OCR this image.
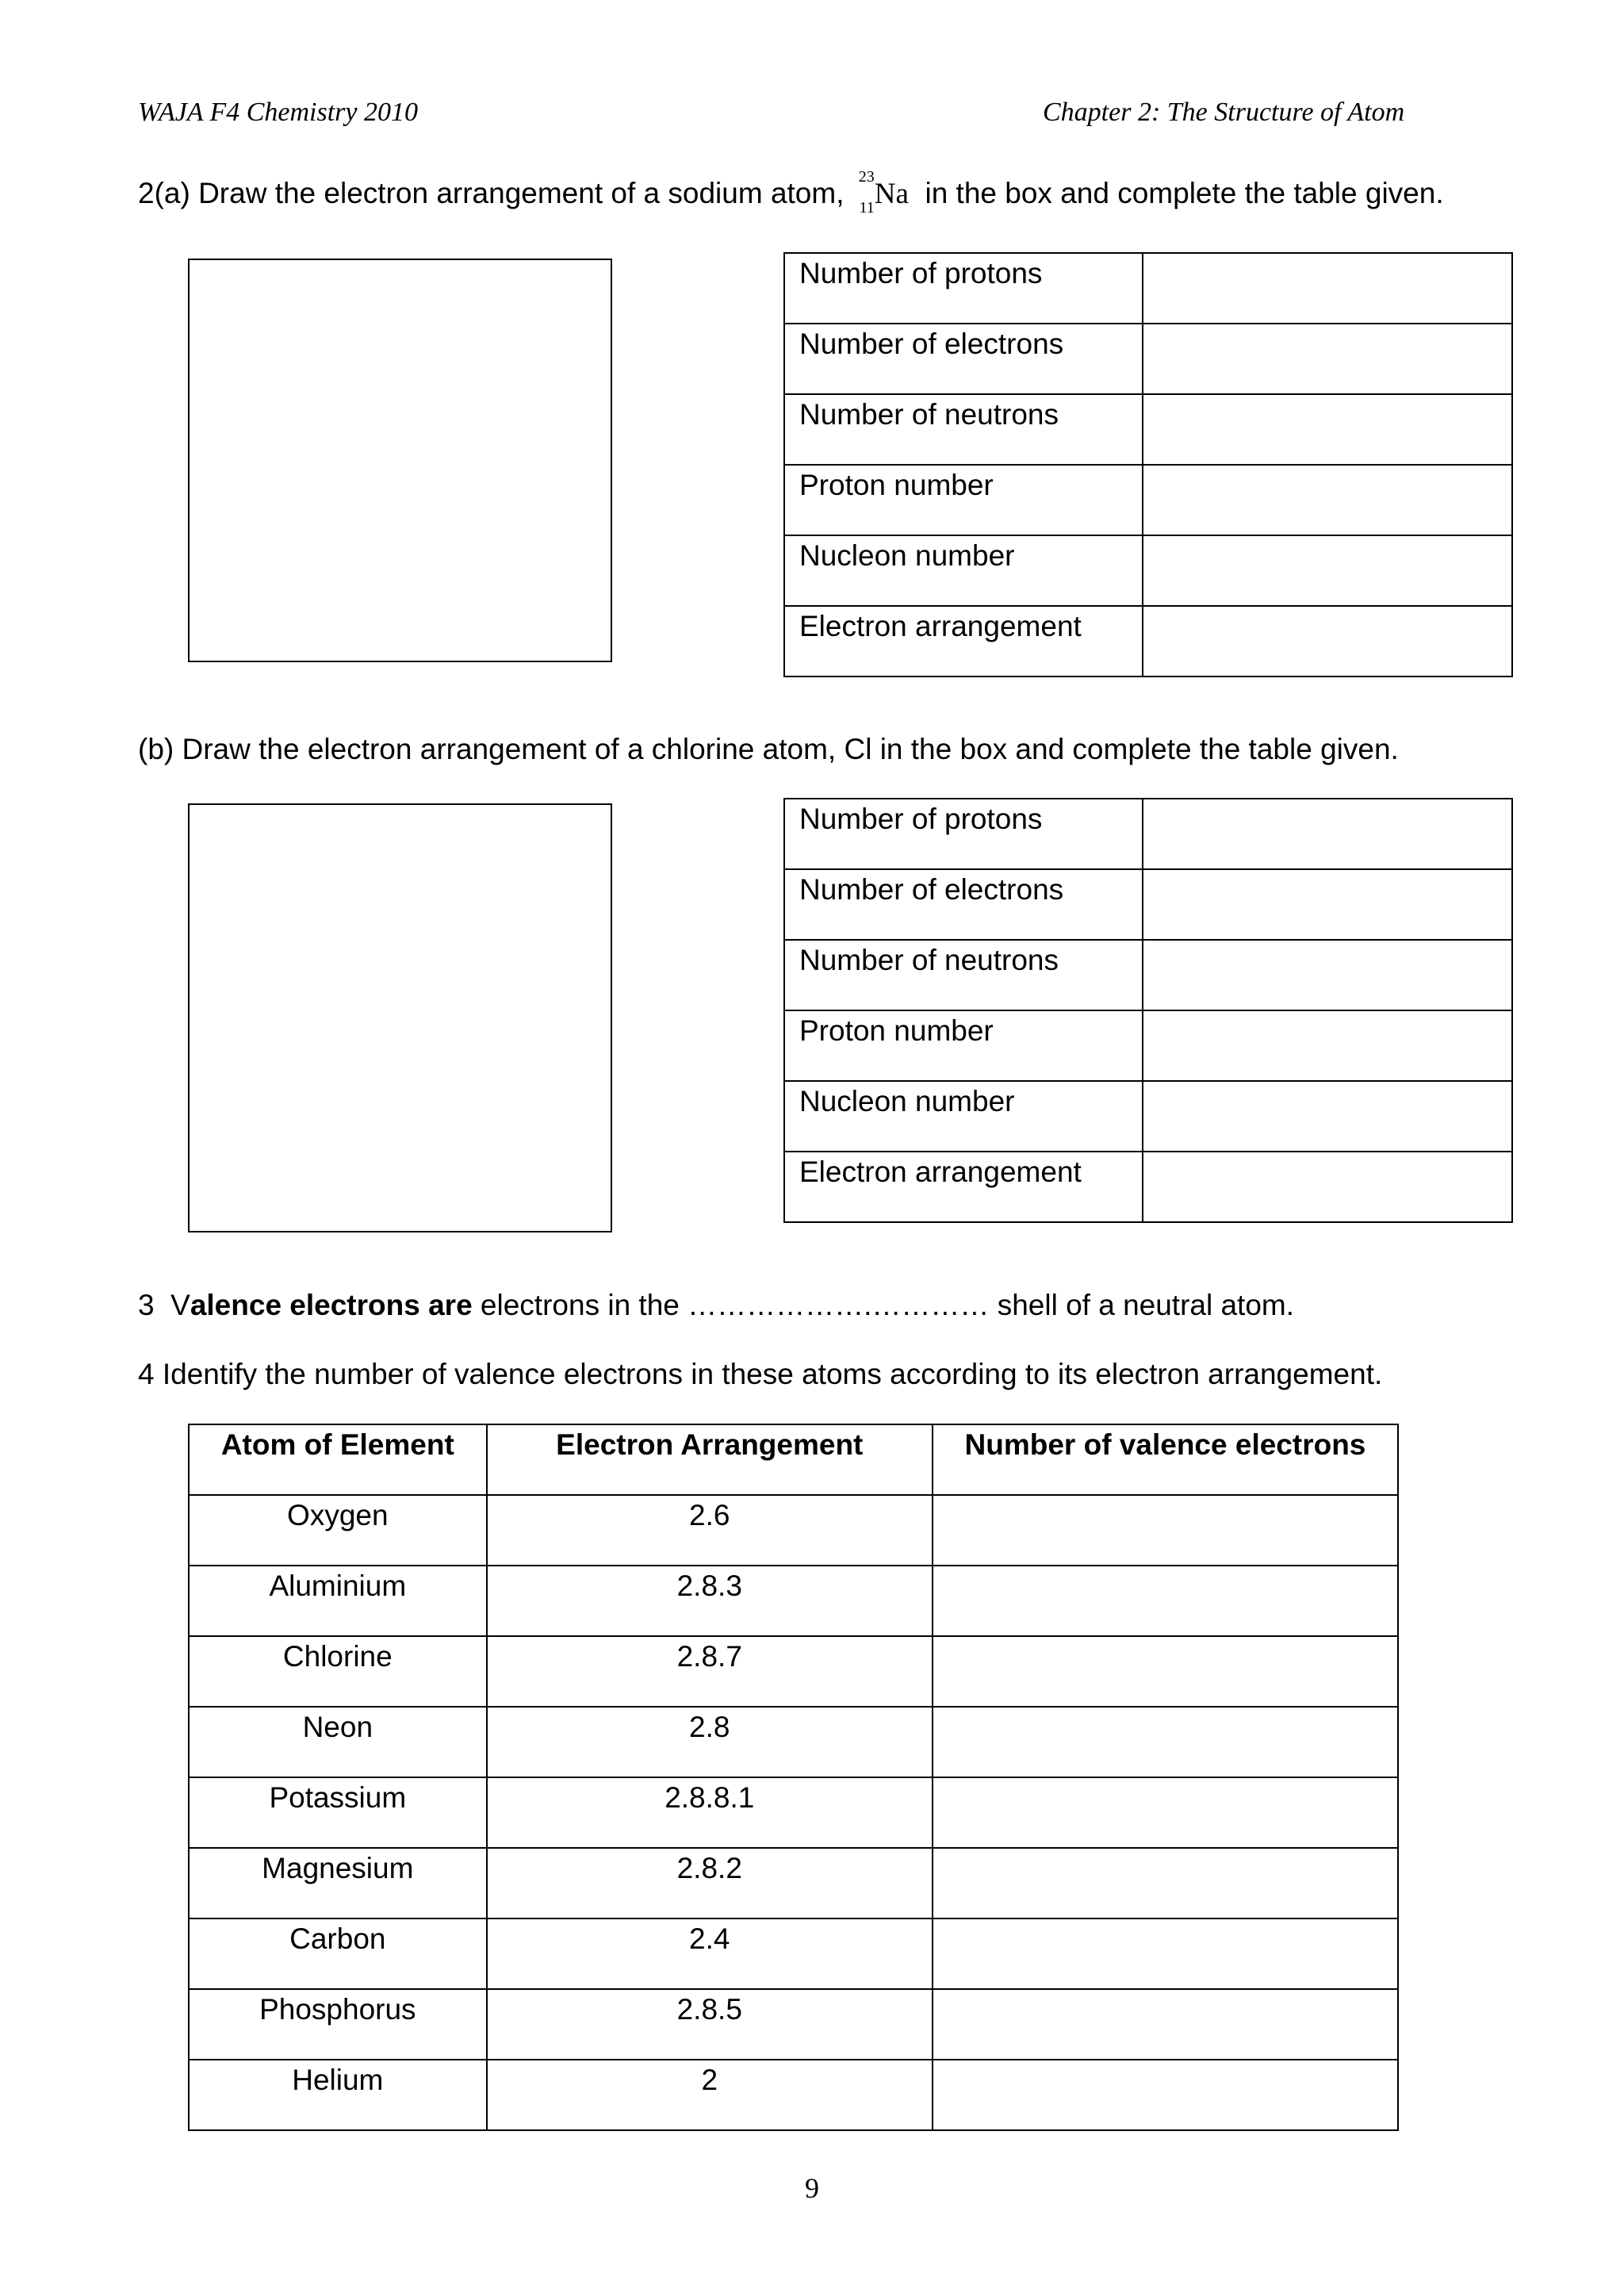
WAJA F4 Chemistry 2010	Chapter 2: The Structure of Atom
2(a) Draw the electron arrangement of a sodium atom, 23
11 Na in the box and complete the table given.
Number of protons	
Number of electrons	
Number of neutrons	
Proton number	
Nucleon number	
Electron arrangement	
(b) Draw the electron arrangement of a chlorine atom, Cl in the box and complete the table given.
Number of protons	
Number of electrons	
Number of neutrons	
Proton number	
Nucleon number	
Electron arrangement	
3 Valence electrons are electrons in the ……………….………… shell of a neutral atom.
4 Identify the number of valence electrons in these atoms according to its electron arrangement.
Atom of Element	Electron Arrangement	Number of valence electrons
Oxygen	2.6	
Aluminium	2.8.3	
Chlorine	2.8.7	
Neon	2.8	
Potassium	2.8.8.1	
Magnesium	2.8.2	
Carbon	2.4	
Phosphorus	2.8.5	
Helium	2	
9
